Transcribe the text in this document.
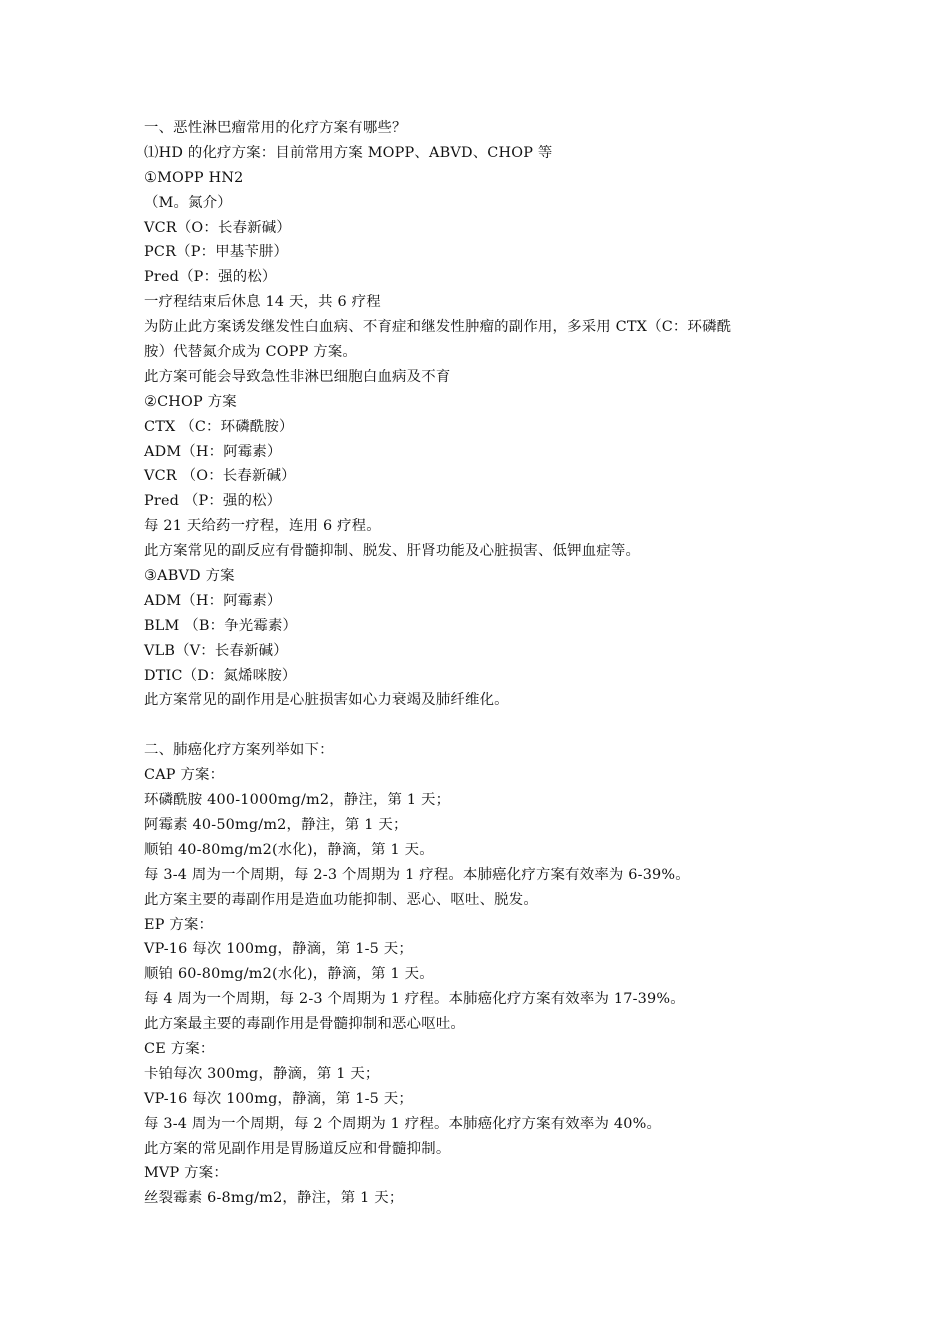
一、恶性淋巴瘤常用的化疗方案有哪些？
⑴HD 的化疗方案：目前常用方案 MOPP、ABVD、CHOP 等
①MOPP HN2
（M。氮介）
VCR（O：长春新碱）
PCR（P：甲基苄肼）
Pred（P：强的松）
一疗程结束后休息 14 天，共 6 疗程
为防止此方案诱发继发性白血病、不育症和继发性肿瘤的副作用，多采用 CTX（C：环磷酰
胺）代替氮介成为 COPP 方案。
此方案可能会导致急性非淋巴细胞白血病及不育
②CHOP 方案
CTX （C：环磷酰胺）
ADM（H：阿霉素）
VCR （O：长春新碱）
Pred （P：强的松）
每 21 天给药一疗程，连用 6 疗程。
此方案常见的副反应有骨髓抑制、脱发、肝肾功能及心脏损害、低钾血症等。
③ABVD 方案
ADM（H：阿霉素）
BLM （B：争光霉素）
VLB（V：长春新碱）
DTIC（D：氮烯咪胺）
此方案常见的副作用是心脏损害如心力衰竭及肺纤维化。
二、肺癌化疗方案列举如下：
CAP 方案：
环磷酰胺 400-1000mg/m2，静注，第 1 天；
阿霉素 40-50mg/m2，静注，第 1 天；
顺铂 40-80mg/m2(水化)，静滴，第 1 天。
每 3-4 周为一个周期，每 2-3 个周期为 1 疗程。本肺癌化疗方案有效率为 6-39%。
此方案主要的毒副作用是造血功能抑制、恶心、呕吐、脱发。
EP 方案：
VP-16 每次 100mg，静滴，第 1-5 天；
顺铂 60-80mg/m2(水化)，静滴，第 1 天。
每 4 周为一个周期，每 2-3 个周期为 1 疗程。本肺癌化疗方案有效率为 17-39%。
此方案最主要的毒副作用是骨髓抑制和恶心呕吐。
CE 方案：
卡铂每次 300mg，静滴，第 1 天；
VP-16 每次 100mg，静滴，第 1-5 天；
每 3-4 周为一个周期，每 2 个周期为 1 疗程。本肺癌化疗方案有效率为 40%。
此方案的常见副作用是胃肠道反应和骨髓抑制。
MVP 方案：
丝裂霉素 6-8mg/m2，静注，第 1 天；
